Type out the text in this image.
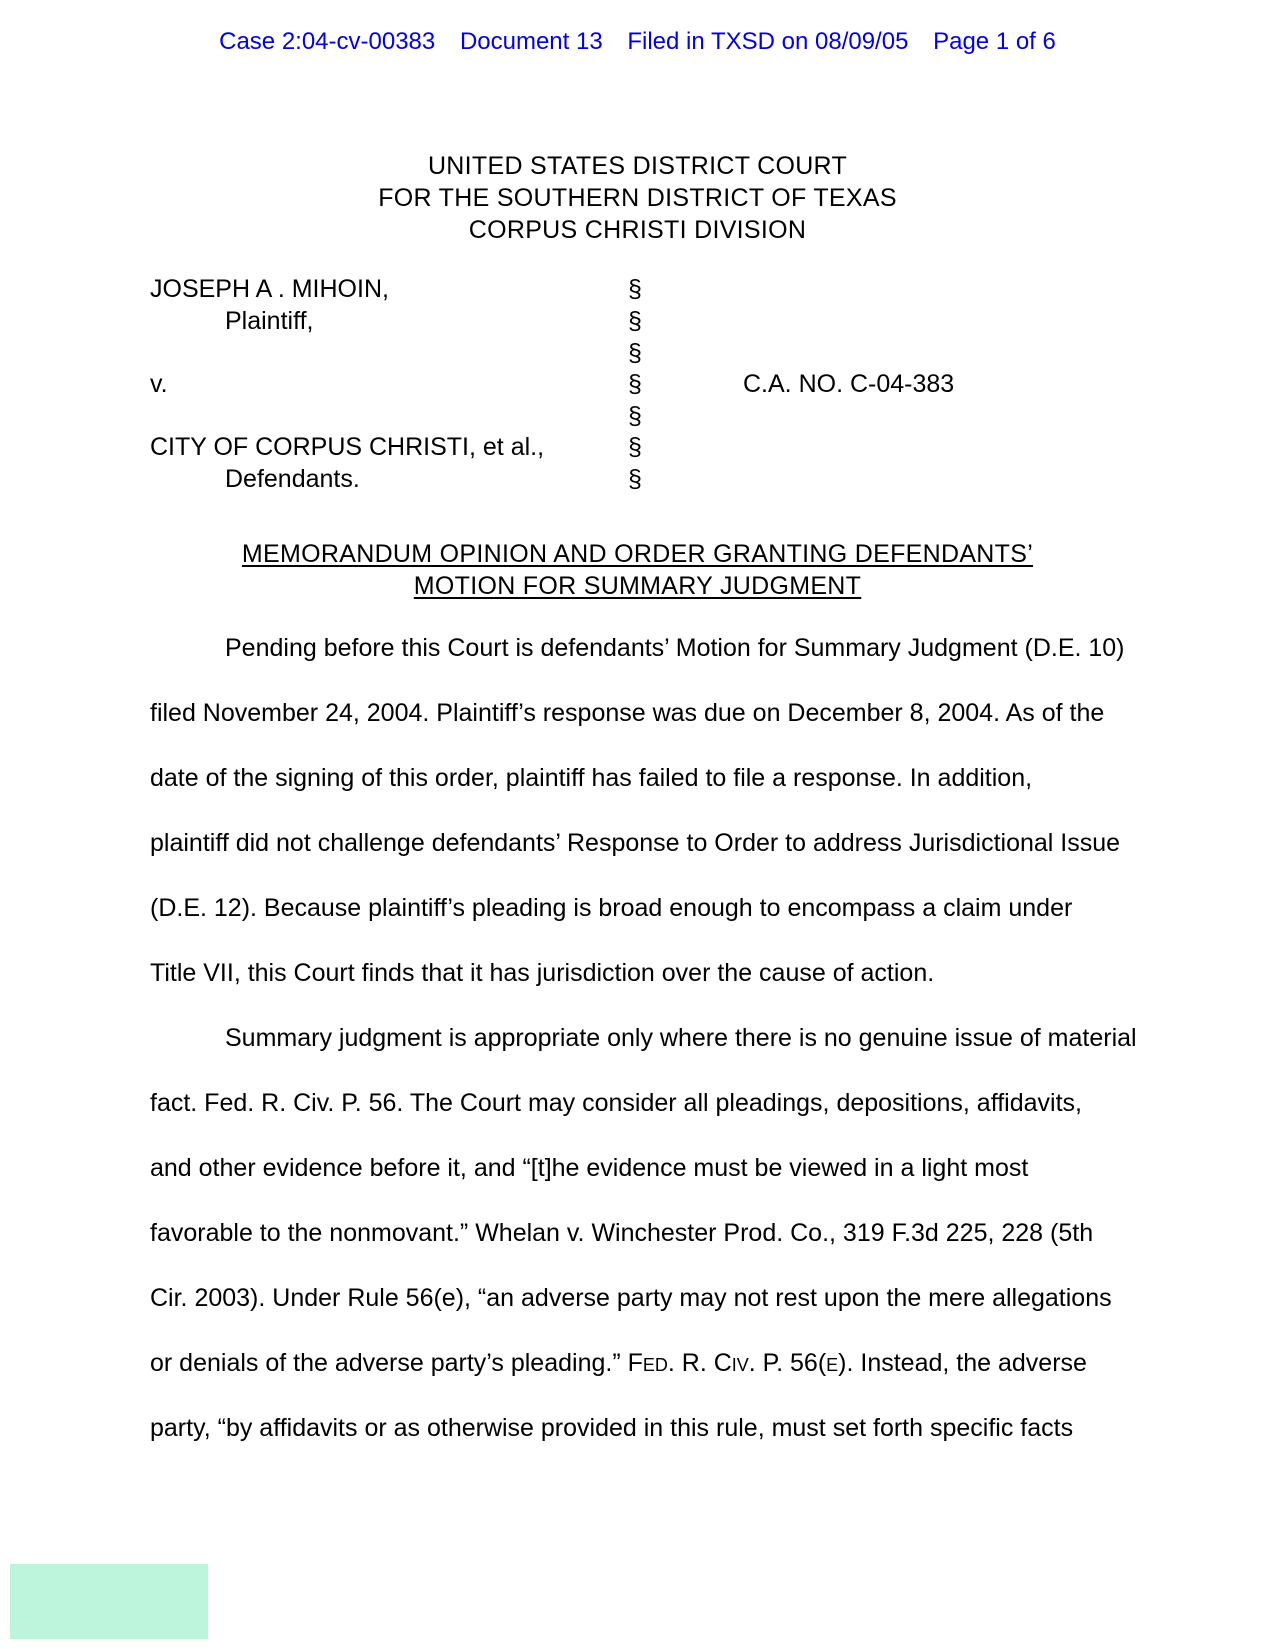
Case 2:04-cv-00383 Document 13 Filed in TXSD on 08/09/05 Page 1 of 6
UNITED STATES DISTRICT COURT
FOR THE SOUTHERN DISTRICT OF TEXAS
CORPUS CHRISTI DIVISION
JOSEPH A . MIHOIN,
Plaintiff,
v.	C.A. NO. C-04-383
CITY OF CORPUS CHRISTI, et al.,
Defendants.
§
§
§
§
§
§
§
MEMORANDUM OPINION AND ORDER GRANTING DEFENDANTS’
MOTION FOR SUMMARY JUDGMENT
Pending before this Court is defendants’ Motion for Summary Judgment (D.E. 10)
filed November 24, 2004. Plaintiff’s response was due on December 8, 2004. As of the
date of the signing of this order, plaintiff has failed to file a response. In addition,
plaintiff did not challenge defendants’ Response to Order to address Jurisdictional Issue
(D.E. 12). Because plaintiff’s pleading is broad enough to encompass a claim under
Title VII, this Court finds that it has jurisdiction over the cause of action.
Summary judgment is appropriate only where there is no genuine issue of material
fact. Fed. R. Civ. P. 56. The Court may consider all pleadings, depositions, affidavits,
and other evidence before it, and “[t]he evidence must be viewed in a light most
favorable to the nonmovant.” Whelan v. Winchester Prod. Co., 319 F.3d 225, 228 (5th
Cir. 2003). Under Rule 56(e), “an adverse party may not rest upon the mere allegations
or denials of the adverse party’s pleading.” Fed. R. Civ. P. 56(e). Instead, the adverse
party, “by affidavits or as otherwise provided in this rule, must set forth specific facts
